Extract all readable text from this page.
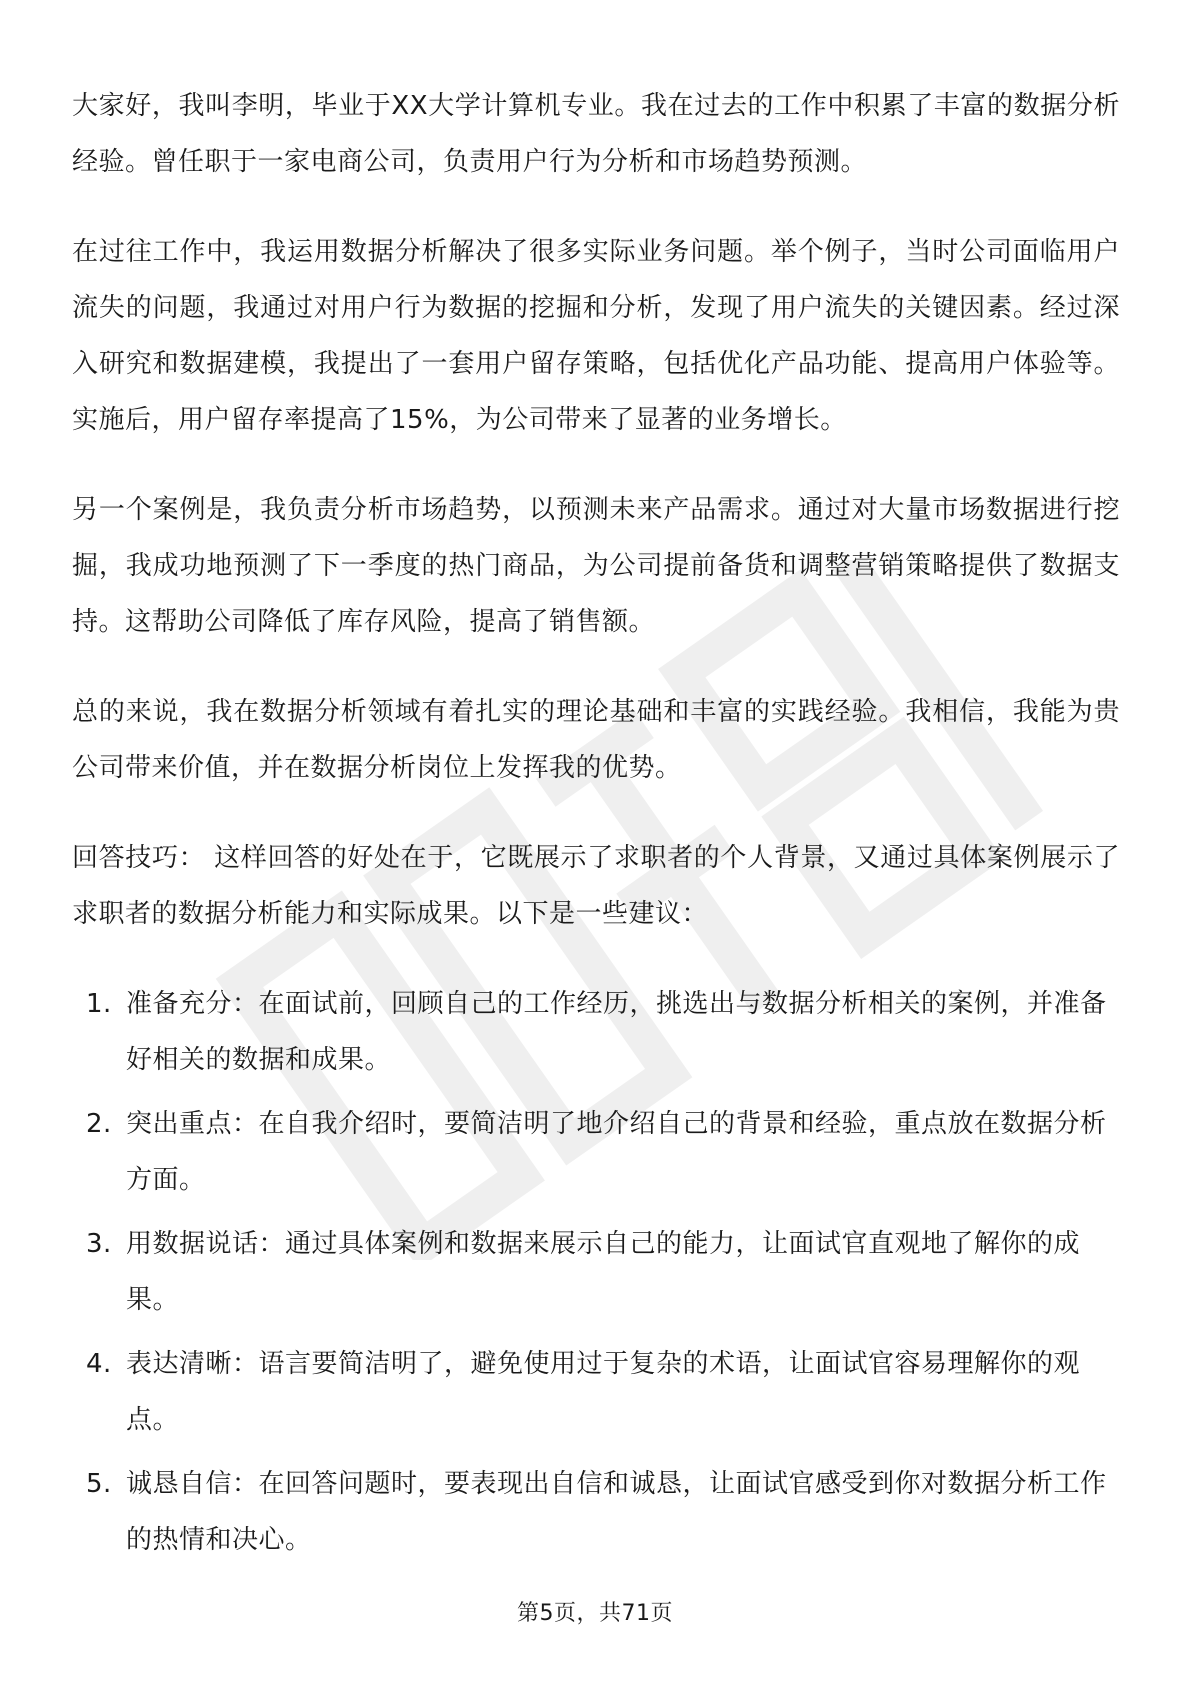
大家好，我叫李明，毕业于XX大学计算机专业。我在过去的工作中积累了丰富的数据分析经验。曾任职于一家电商公司，负责用户行为分析和市场趋势预测。

在过往工作中，我运用数据分析解决了很多实际业务问题。举个例子，当时公司面临用户流失的问题，我通过对用户行为数据的挖掘和分析，发现了用户流失的关键因素。经过深入研究和数据建模，我提出了一套用户留存策略，包括优化产品功能、提高用户体验等。实施后，用户留存率提高了15%，为公司带来了显著的业务增长。

另一个案例是，我负责分析市场趋势，以预测未来产品需求。通过对大量市场数据进行挖掘，我成功地预测了下一季度的热门商品，为公司提前备货和调整营销策略提供了数据支持。这帮助公司降低了库存风险，提高了销售额。

总的来说，我在数据分析领域有着扎实的理论基础和丰富的实践经验。我相信，我能为贵公司带来价值，并在数据分析岗位上发挥我的优势。

回答技巧： 这样回答的好处在于，它既展示了求职者的个人背景，又通过具体案例展示了求职者的数据分析能力和实际成果。以下是一些建议：

1. 准备充分：在面试前，回顾自己的工作经历，挑选出与数据分析相关的案例，并准备好相关的数据和成果。
2. 突出重点：在自我介绍时，要简洁明了地介绍自己的背景和经验，重点放在数据分析方面。
3. 用数据说话：通过具体案例和数据来展示自己的能力，让面试官直观地了解你的成果。
4. 表达清晰：语言要简洁明了，避免使用过于复杂的术语，让面试官容易理解你的观点。
5. 诚恳自信：在回答问题时，要表现出自信和诚恳，让面试官感受到你对数据分析工作的热情和决心。
第5页，共71页
